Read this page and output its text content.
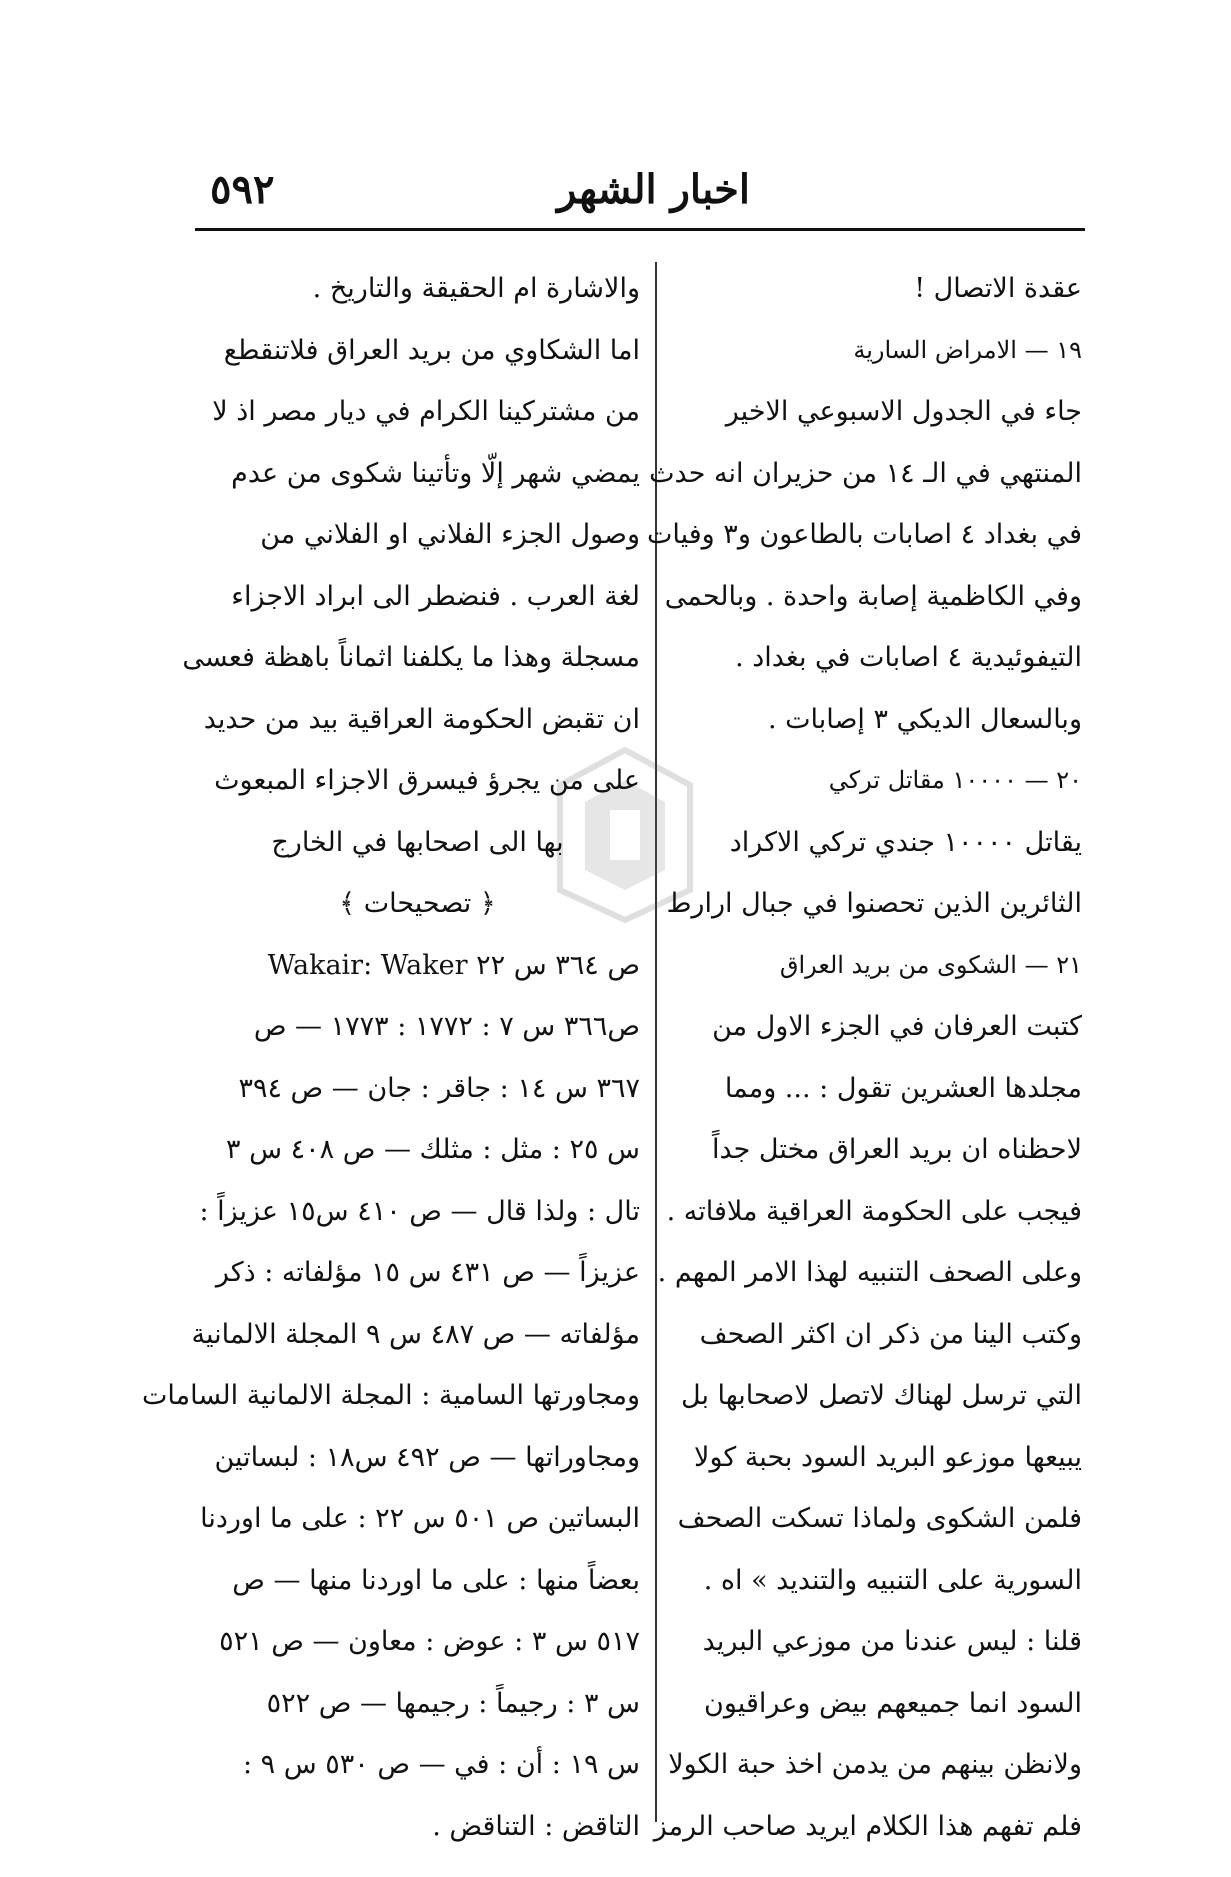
اخبار الشهر
٥٩٢
عقدة الاتصال !
١٩ — الامراض السارية
جاء في الجدول الاسبوعي الاخير
المنتهي في الـ ١٤ من حزيران انه حدث
في بغداد ٤ اصابات بالطاعون و٣ وفيات
وفي الكاظمية إصابة واحدة . وبالحمى
التيفوئيدية ٤ اصابات في بغداد .
وبالسعال الديكي ٣ إصابات .
٢٠ — ١٠٠٠٠ مقاتل تركي
يقاتل ١٠٠٠٠ جندي تركي الاكراد
الثائرين الذين تحصنوا في جبال ارارط
٢١ — الشكوى من بريد العراق
كتبت العرفان في الجزء الاول من
مجلدها العشرين تقول : ... ومما
لاحظناه ان بريد العراق مختل جداً
فيجب على الحكومة العراقية ملافاته .
وعلى الصحف التنبيه لهذا الامر المهم .
وكتب الينا من ذكر ان اكثر الصحف
التي ترسل لهناك لاتصل لاصحابها بل
يبيعها موزعو البريد السود بحبة كولا
فلمن الشكوى ولماذا تسكت الصحف
السورية على التنبيه والتنديد » اه .
قلنا : ليس عندنا من موزعي البريد
السود انما جميعهم بيض وعراقيون
ولانظن بينهم من يدمن اخذ حبة الكولا
فلم تفهم هذا الكلام ايريد صاحب الرمز
والاشارة ام الحقيقة والتاريخ .
اما الشكاوي من بريد العراق فلاتنقطع
من مشتركينا الكرام في ديار مصر اذ لا
يمضي شهر إلّا وتأتينا شكوى من عدم
وصول الجزء الفلاني او الفلاني من
لغة العرب . فنضطر الى ابراد الاجزاء
مسجلة وهذا ما يكلفنا اثماناً باهظة فعسى
ان تقبض الحكومة العراقية بيد من حديد
على من يجرؤ فيسرق الاجزاء المبعوث
بها الى اصحابها في الخارج
﴿ تصحيحات ﴾
ص ٣٦٤ س ٢٢ Wakair: Waker
ص٣٦٦ س ٧ : ١٧٧٢ : ١٧٧٣ — ص
٣٦٧ س ١٤ : جاقر : جان — ص ٣٩٤
س ٢٥ : مثل : مثلك — ص ٤٠٨ س ٣
تال : ولذا قال — ص ٤١٠ س١٥ عزيزاً :
عزيزاً — ص ٤٣١ س ١٥ مؤلفاته : ذكر
مؤلفاته — ص ٤٨٧ س ٩ المجلة الالمانية
ومجاورتها السامية : المجلة الالمانية السامات
ومجاوراتها — ص ٤٩٢ س١٨ : لبساتين
البساتين ص ٥٠١ س ٢٢ : على ما اوردنا
بعضاً منها : على ما اوردنا منها — ص
٥١٧ س ٣ : عوض : معاون — ص ٥٢١
س ٣ : رجيماً : رجيمها — ص ٥٢٢
س ١٩ : أن : في — ص ٥٣٠ س ٩ :
التاقض : التناقض .
